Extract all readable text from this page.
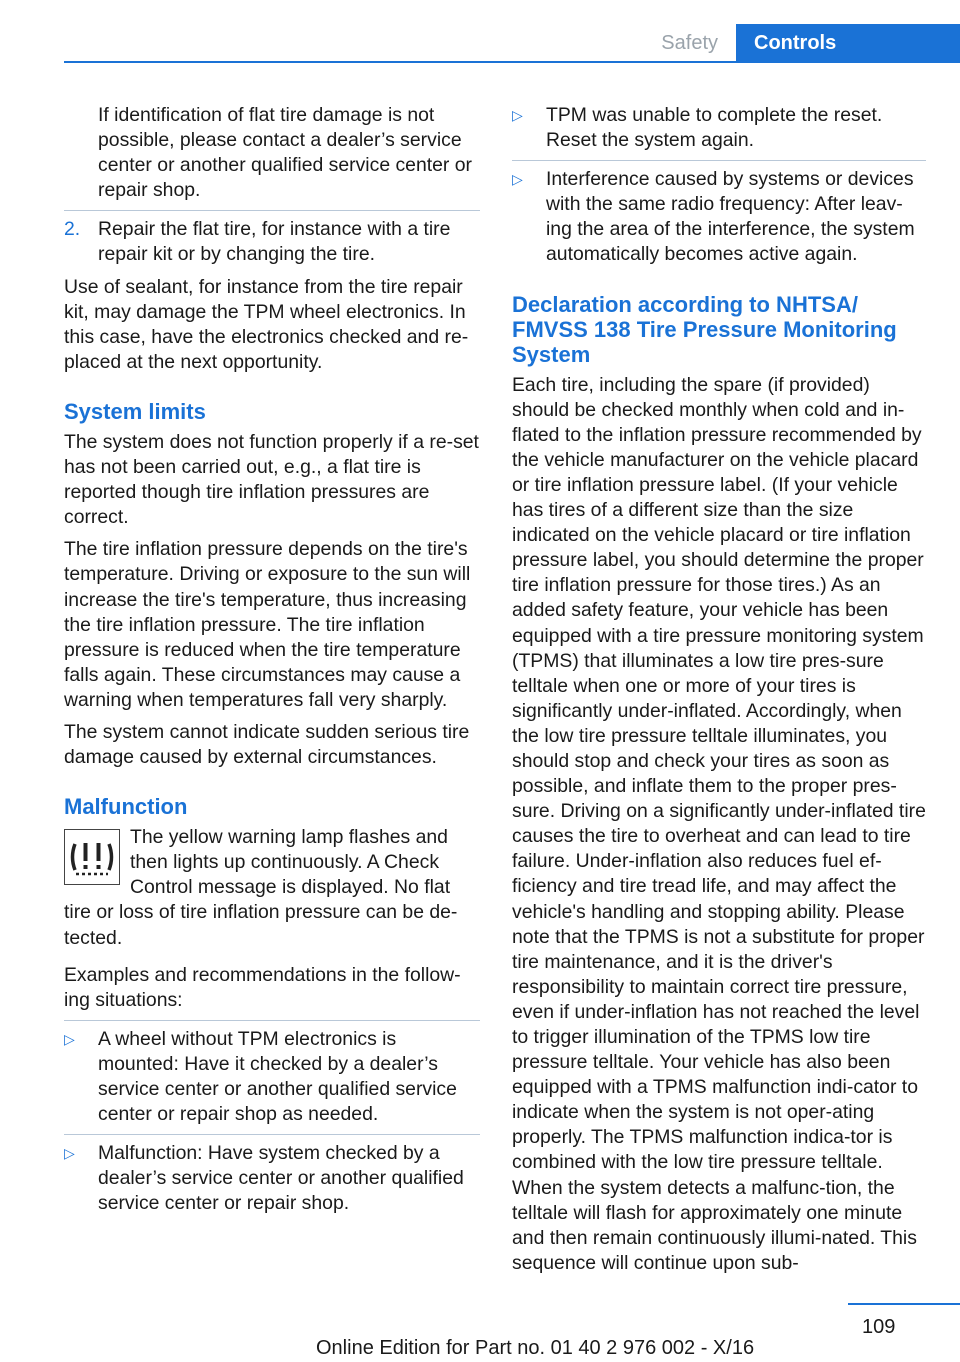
Safety	Controls

If identification of flat tire damage is not possible, please contact a dealer’s service center or another qualified service center or repair shop.

2. Repair the flat tire, for instance with a tire repair kit or by changing the tire.

Use of sealant, for instance from the tire repair kit, may damage the TPM wheel electronics. In this case, have the electronics checked and re‐placed at the next opportunity.

System limits

The system does not function properly if a re‐set has not been carried out, e.g., a flat tire is reported though tire inflation pressures are correct.

The tire inflation pressure depends on the tire's temperature. Driving or exposure to the sun will increase the tire's temperature, thus increasing the tire inflation pressure. The tire inflation pressure is reduced when the tire temperature falls again. These circumstances may cause a warning when temperatures fall very sharply.

The system cannot indicate sudden serious tire damage caused by external circumstances.

Malfunction

The yellow warning lamp flashes and then lights up continuously. A Check Control message is displayed. No flat tire or loss of tire inflation pressure can be de‐tected.

Examples and recommendations in the follow‐ing situations:

▷ A wheel without TPM electronics is mounted: Have it checked by a dealer’s service center or another qualified service center or repair shop as needed.
▷ Malfunction: Have system checked by a dealer’s service center or another qualified service center or repair shop.
▷ TPM was unable to complete the reset. Reset the system again.
▷ Interference caused by systems or devices with the same radio frequency: After leav‐ing the area of the interference, the system automatically becomes active again.
Declaration according to NHTSA/ FMVSS 138 Tire Pressure Monitoring System

Each tire, including the spare (if provided) should be checked monthly when cold and in‐flated to the inflation pressure recommended by the vehicle manufacturer on the vehicle placard or tire inflation pressure label. (If your vehicle has tires of a different size than the size indicated on the vehicle placard or tire inflation pressure label, you should determine the proper tire inflation pressure for those tires.) As an added safety feature, your vehicle has been equipped with a tire pressure monitoring system (TPMS) that illuminates a low tire pres‐sure telltale when one or more of your tires is significantly under-inflated. Accordingly, when the low tire pressure telltale illuminates, you should stop and check your tires as soon as possible, and inflate them to the proper pres‐sure. Driving on a significantly under-inflated tire causes the tire to overheat and can lead to tire failure. Under-inflation also reduces fuel ef‐ficiency and tire tread life, and may affect the vehicle's handling and stopping ability. Please note that the TPMS is not a substitute for proper tire maintenance, and it is the driver's responsibility to maintain correct tire pressure, even if under-inflation has not reached the level to trigger illumination of the TPMS low tire pressure telltale. Your vehicle has also been equipped with a TPMS malfunction indi‐cator to indicate when the system is not oper‐ating properly. The TPMS malfunction indica‐tor is combined with the low tire pressure telltale. When the system detects a malfunc‐tion, the telltale will flash for approximately one minute and then remain continuously illumi‐nated. This sequence will continue upon sub‐

109
Online Edition for Part no. 01 40 2 976 002 - X/16
